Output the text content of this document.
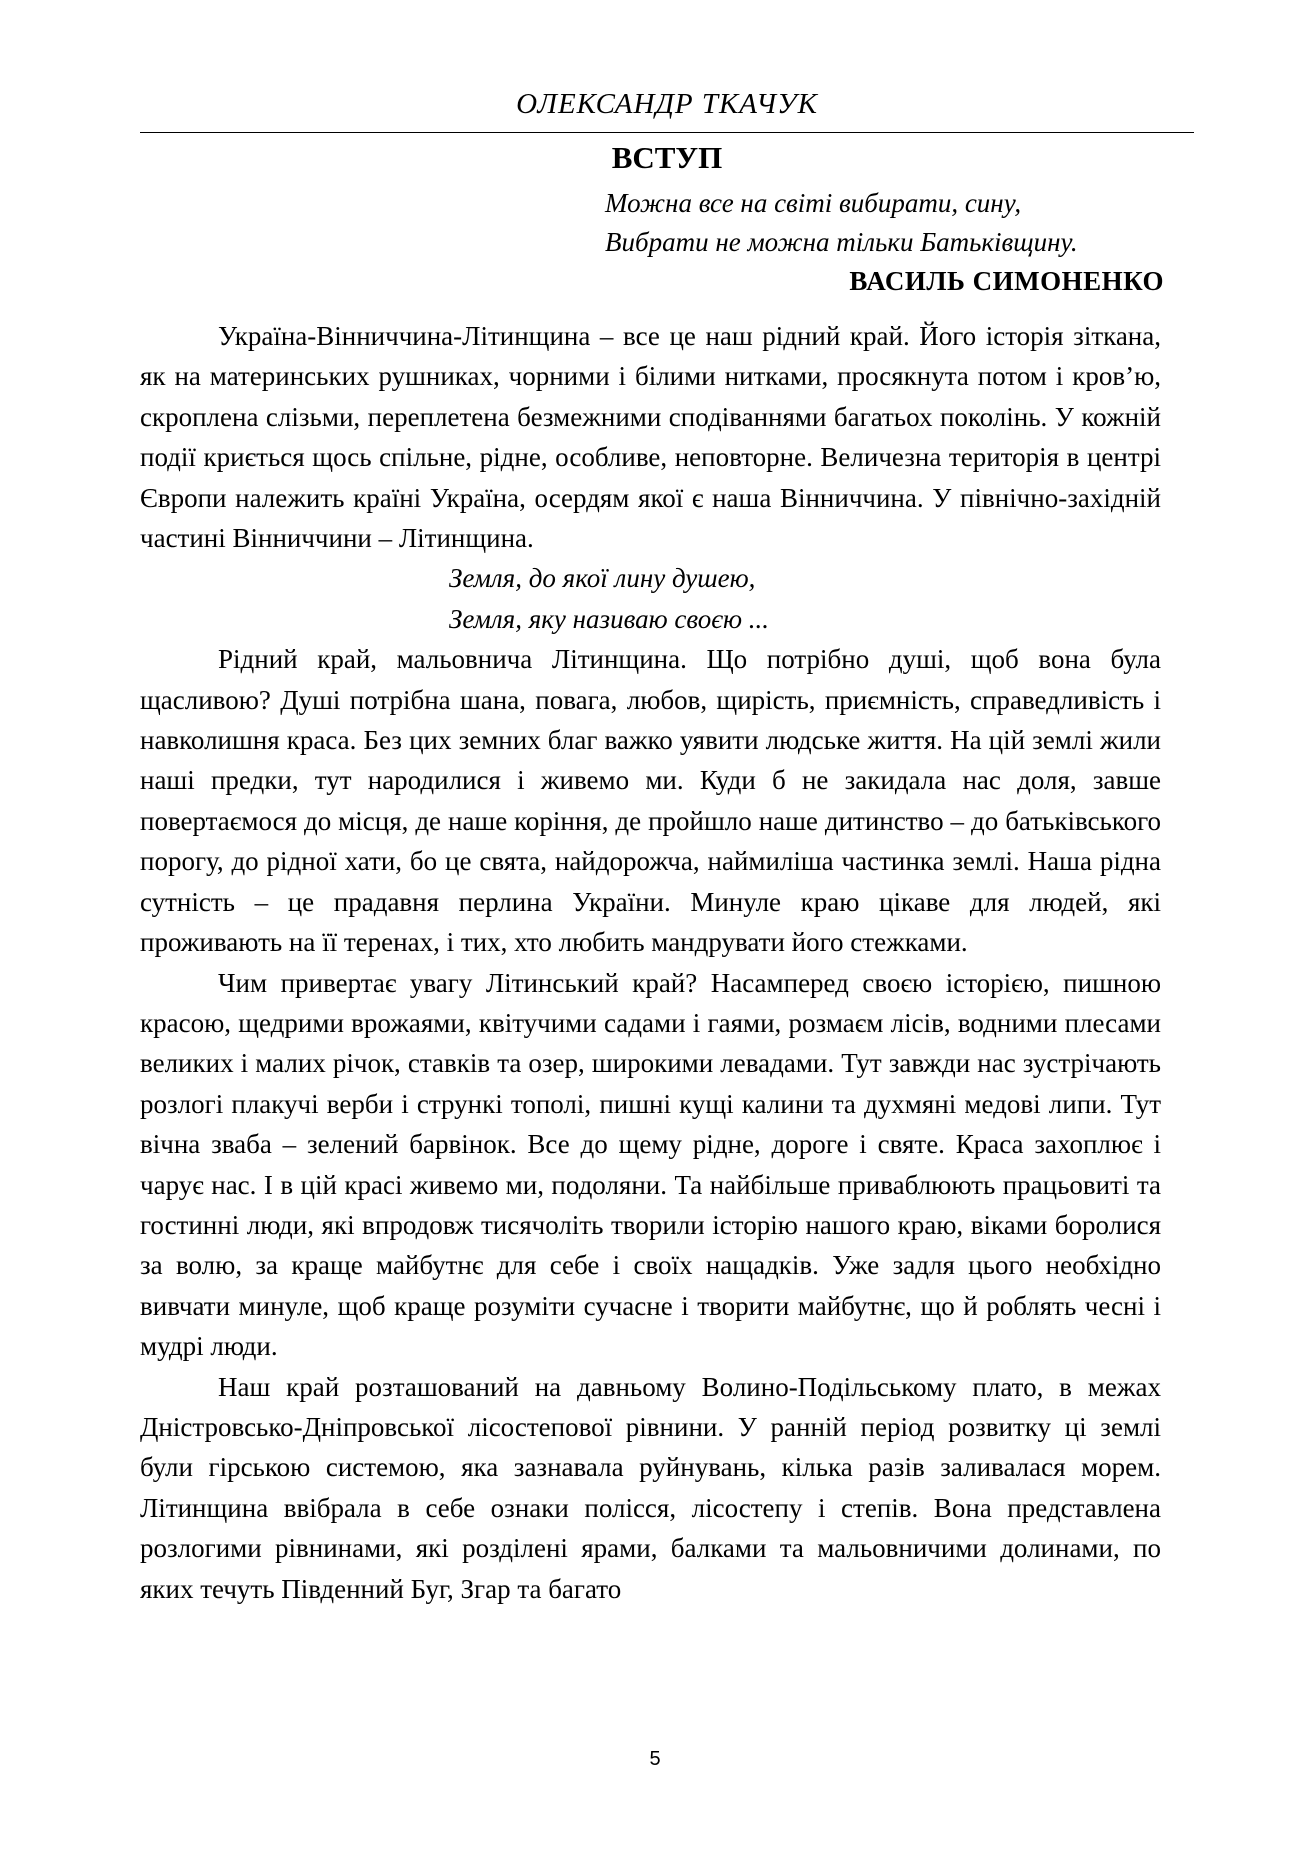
ОЛЕКСАНДР ТКАЧУК
ВСТУП
Можна все на світі вибирати, сину,
Вибрати не можна тільки Батьківщину.
ВАСИЛЬ СИМОНЕНКО

Україна-Вінниччина-Літинщина – все це наш рідний край. Його історія зіткана, як на материнських рушниках, чорними і білими нитками, просякнута потом і кров’ю, скроплена слізьми, переплетена безмежними сподіваннями багатьох поколінь. У кожній події криється щось спільне, рідне, особливе, неповторне. Величезна територія в центрі Європи належить країні Україна, осердям якої є наша Вінниччина. У північно-західній частині Вінниччини – Літинщина.

Земля, до якої лину душею,

Земля, яку називаю своєю ...

Рідний край, мальовнича Літинщина. Що потрібно душі, щоб вона була щасливою? Душі потрібна шана, повага, любов, щирість, приємність, справедливість і навколишня краса. Без цих земних благ важко уявити людське життя. На цій землі жили наші предки, тут народилися і живемо ми. Куди б не закидала нас доля, завше повертаємося до місця, де наше коріння, де пройшло наше дитинство – до батьківського порогу, до рідної хати, бо це свята, найдорожча, наймиліша частинка землі. Наша рідна сутність – це прадавня перлина України. Минуле краю цікаве для людей, які проживають на її теренах, і тих, хто любить мандрувати його стежками.

Чим привертає увагу Літинський край? Насамперед своєю історією, пишною красою, щедрими врожаями, квітучими садами і гаями, розмаєм лісів, водними плесами великих і малих річок, ставків та озер, широкими левадами. Тут завжди нас зустрічають розлогі плакучі верби і стрункі тополі, пишні кущі калини та духмяні медові липи. Тут вічна зваба – зелений барвінок. Все до щему рідне, дороге і святе. Краса захоплює і чарує нас. І в цій красі живемо ми, подоляни. Та найбільше приваблюють працьовиті та гостинні люди, які впродовж тисячоліть творили історію нашого краю, віками боролися за волю, за краще майбутнє для себе і своїх нащадків. Уже задля цього необхідно вивчати минуле, щоб краще розуміти сучасне і творити майбутнє, що й роблять чесні і мудрі люди.

Наш край розташований на давньому Волино-Подільському плато, в межах Дністровсько-Дніпровської лісостепової рівнини. У ранній період розвитку ці землі були гірською системою, яка зазнавала руйнувань, кілька разів заливалася морем. Літинщина ввібрала в себе ознаки полісся, лісостепу і степів. Вона представлена розлогими рівнинами, які розділені ярами, балками та мальовничими долинами, по яких течуть Південний Буг, Згар та багато

5
